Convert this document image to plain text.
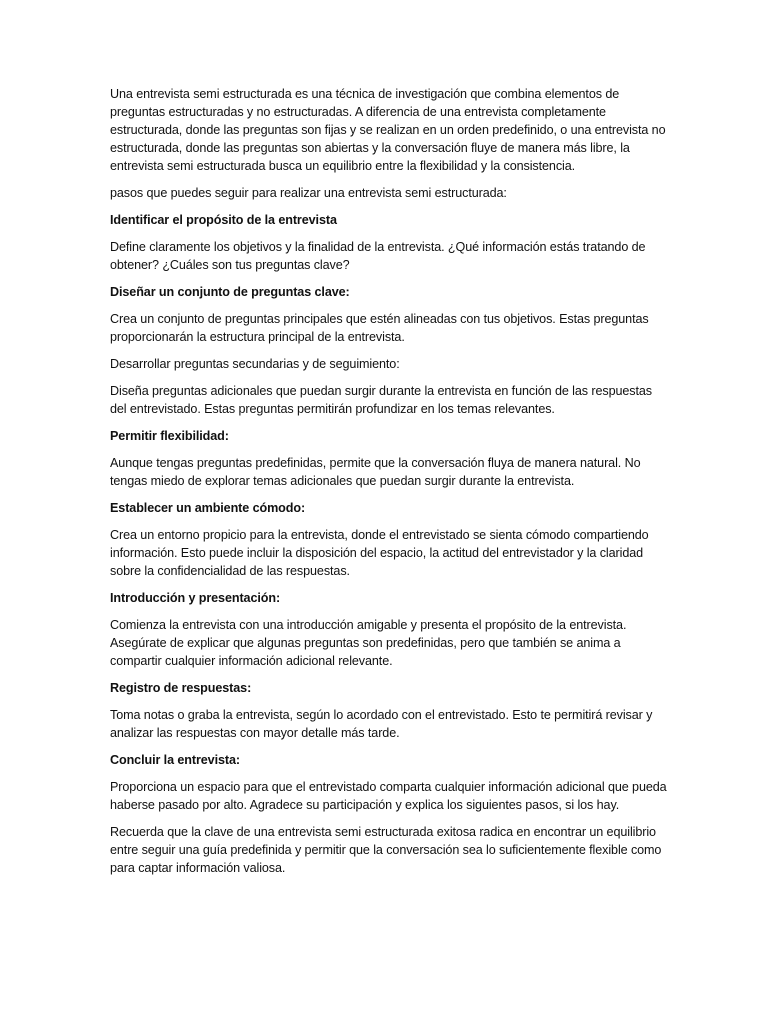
Una entrevista semi estructurada es una técnica de investigación que combina elementos de preguntas estructuradas y no estructuradas. A diferencia de una entrevista completamente estructurada, donde las preguntas son fijas y se realizan en un orden predefinido, o una entrevista no estructurada, donde las preguntas son abiertas y la conversación fluye de manera más libre, la entrevista semi estructurada busca un equilibrio entre la flexibilidad y la consistencia.

pasos que puedes seguir para realizar una entrevista semi estructurada:

Identificar el propósito de la entrevista

Define claramente los objetivos y la finalidad de la entrevista. ¿Qué información estás tratando de obtener? ¿Cuáles son tus preguntas clave?

Diseñar un conjunto de preguntas clave:

Crea un conjunto de preguntas principales que estén alineadas con tus objetivos. Estas preguntas proporcionarán la estructura principal de la entrevista.

Desarrollar preguntas secundarias y de seguimiento:

Diseña preguntas adicionales que puedan surgir durante la entrevista en función de las respuestas del entrevistado. Estas preguntas permitirán profundizar en los temas relevantes.

Permitir flexibilidad:

Aunque tengas preguntas predefinidas, permite que la conversación fluya de manera natural. No tengas miedo de explorar temas adicionales que puedan surgir durante la entrevista.

Establecer un ambiente cómodo:

Crea un entorno propicio para la entrevista, donde el entrevistado se sienta cómodo compartiendo información. Esto puede incluir la disposición del espacio, la actitud del entrevistador y la claridad sobre la confidencialidad de las respuestas.

Introducción y presentación:

Comienza la entrevista con una introducción amigable y presenta el propósito de la entrevista. Asegúrate de explicar que algunas preguntas son predefinidas, pero que también se anima a compartir cualquier información adicional relevante.

Registro de respuestas:

Toma notas o graba la entrevista, según lo acordado con el entrevistado. Esto te permitirá revisar y analizar las respuestas con mayor detalle más tarde.

Concluir la entrevista:

Proporciona un espacio para que el entrevistado comparta cualquier información adicional que pueda haberse pasado por alto. Agradece su participación y explica los siguientes pasos, si los hay.

Recuerda que la clave de una entrevista semi estructurada exitosa radica en encontrar un equilibrio entre seguir una guía predefinida y permitir que la conversación sea lo suficientemente flexible como para captar información valiosa.
